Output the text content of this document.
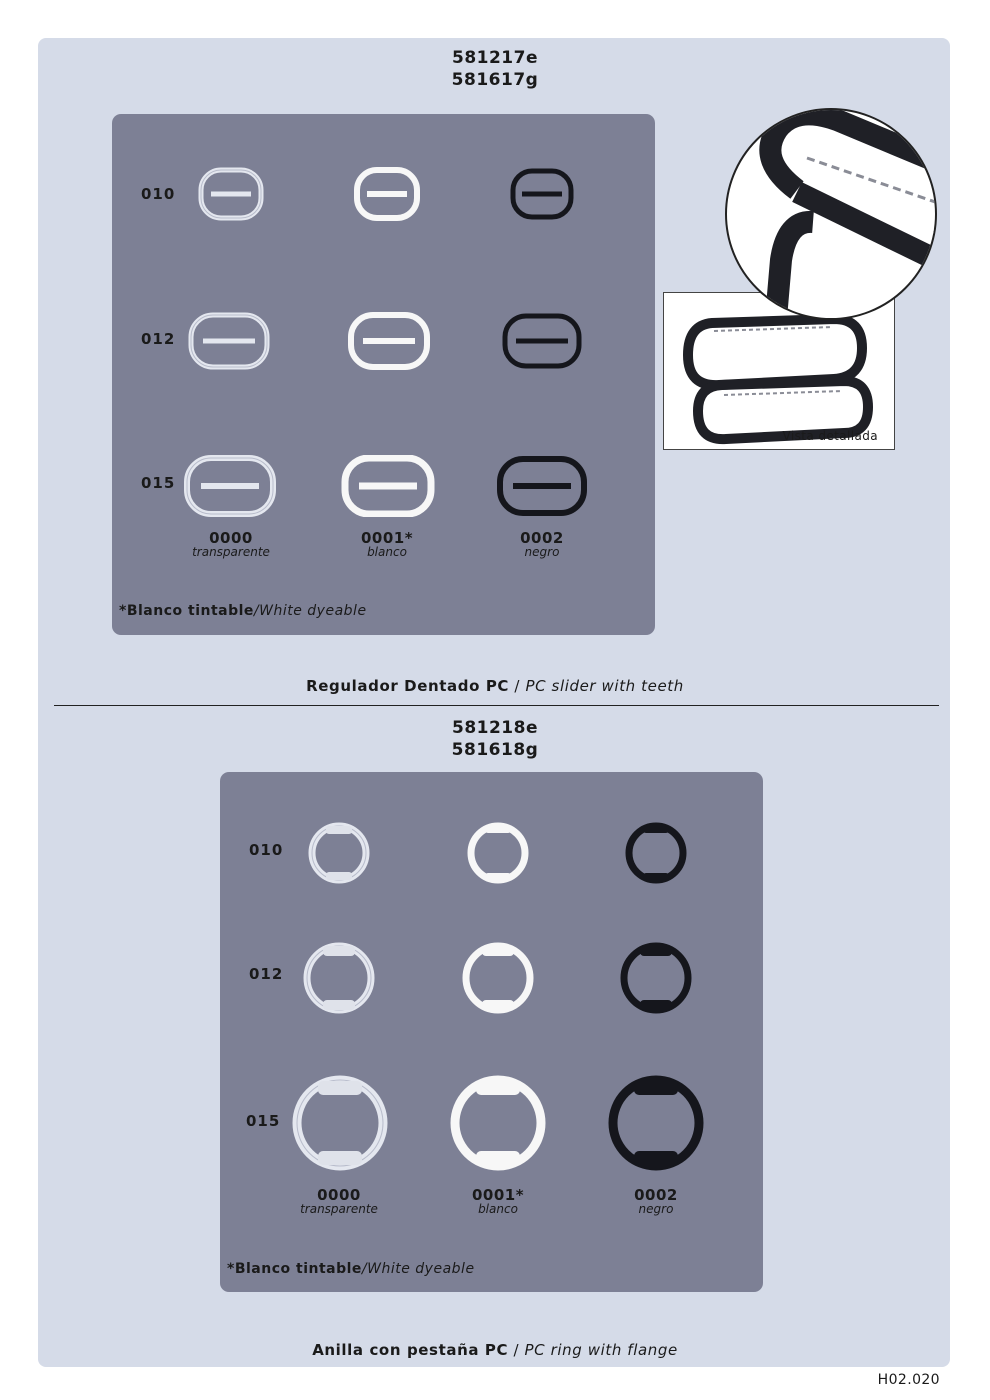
581217e
581617g
010
012
015
0000
transparente
0001*
blanco
0002
negro
*Blanco tintable/White dyeable
Vista detallada
Regulador Dentado PC / PC slider with teeth
581218e
581618g
010
012
015
0000
transparente
0001*
blanco
0002
negro
*Blanco tintable/White dyeable
Anilla con pestaña PC / PC ring with flange
H02.020
